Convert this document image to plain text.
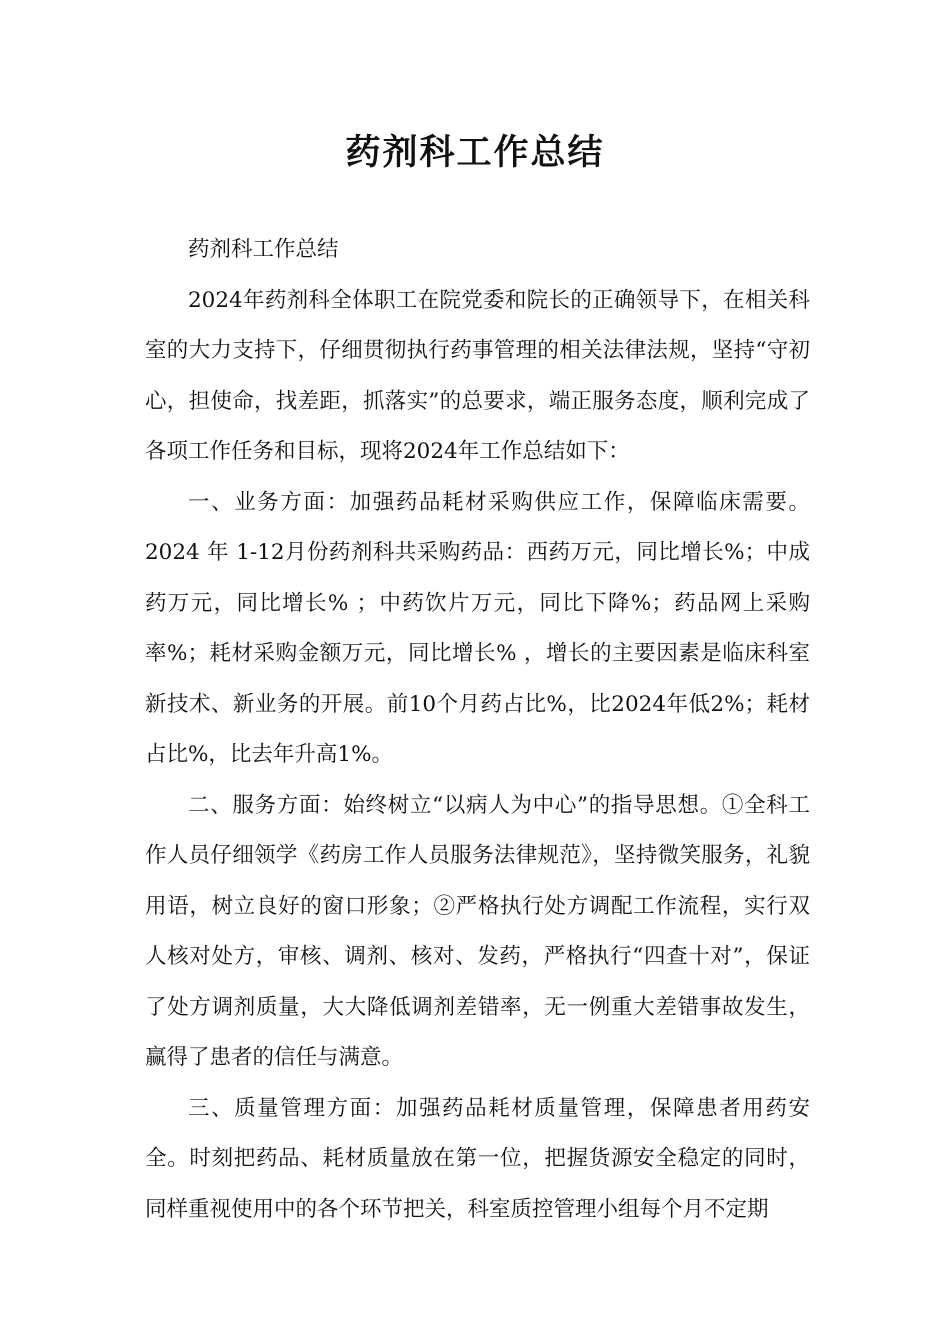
药剂科工作总结

药剂科工作总结

2024年药剂科全体职工在院党委和院长的正确领导下，在相关科室的大力支持下，仔细贯彻执行药事管理的相关法律法规，坚持“守初心，担使命，找差距，抓落实”的总要求，端正服务态度，顺利完成了各项工作任务和目标，现将2024年工作总结如下：

一、业务方面：加强药品耗材采购供应工作，保障临床需要。2024 年 1-12月份药剂科共采购药品：西药万元，同比增长%；中成药万元，同比增长% ；中药饮片万元，同比下降%；药品网上采购率%；耗材采购金额万元，同比增长% ，增长的主要因素是临床科室新技术、新业务的开展。前10个月药占比%，比2024年低2%；耗材占比%，比去年升高1%。

二、服务方面：始终树立“以病人为中心”的指导思想。①全科工作人员仔细领学《药房工作人员服务法律规范》，坚持微笑服务，礼貌用语，树立良好的窗口形象；②严格执行处方调配工作流程，实行双人核对处方，审核、调剂、核对、发药，严格执行“四查十对”，保证了处方调剂质量，大大降低调剂差错率，无一例重大差错事故发生，赢得了患者的信任与满意。

三、质量管理方面：加强药品耗材质量管理，保障患者用药安全。时刻把药品、耗材质量放在第一位，把握货源安全稳定的同时，同样重视使用中的各个环节把关，科室质控管理小组每个月不定期
